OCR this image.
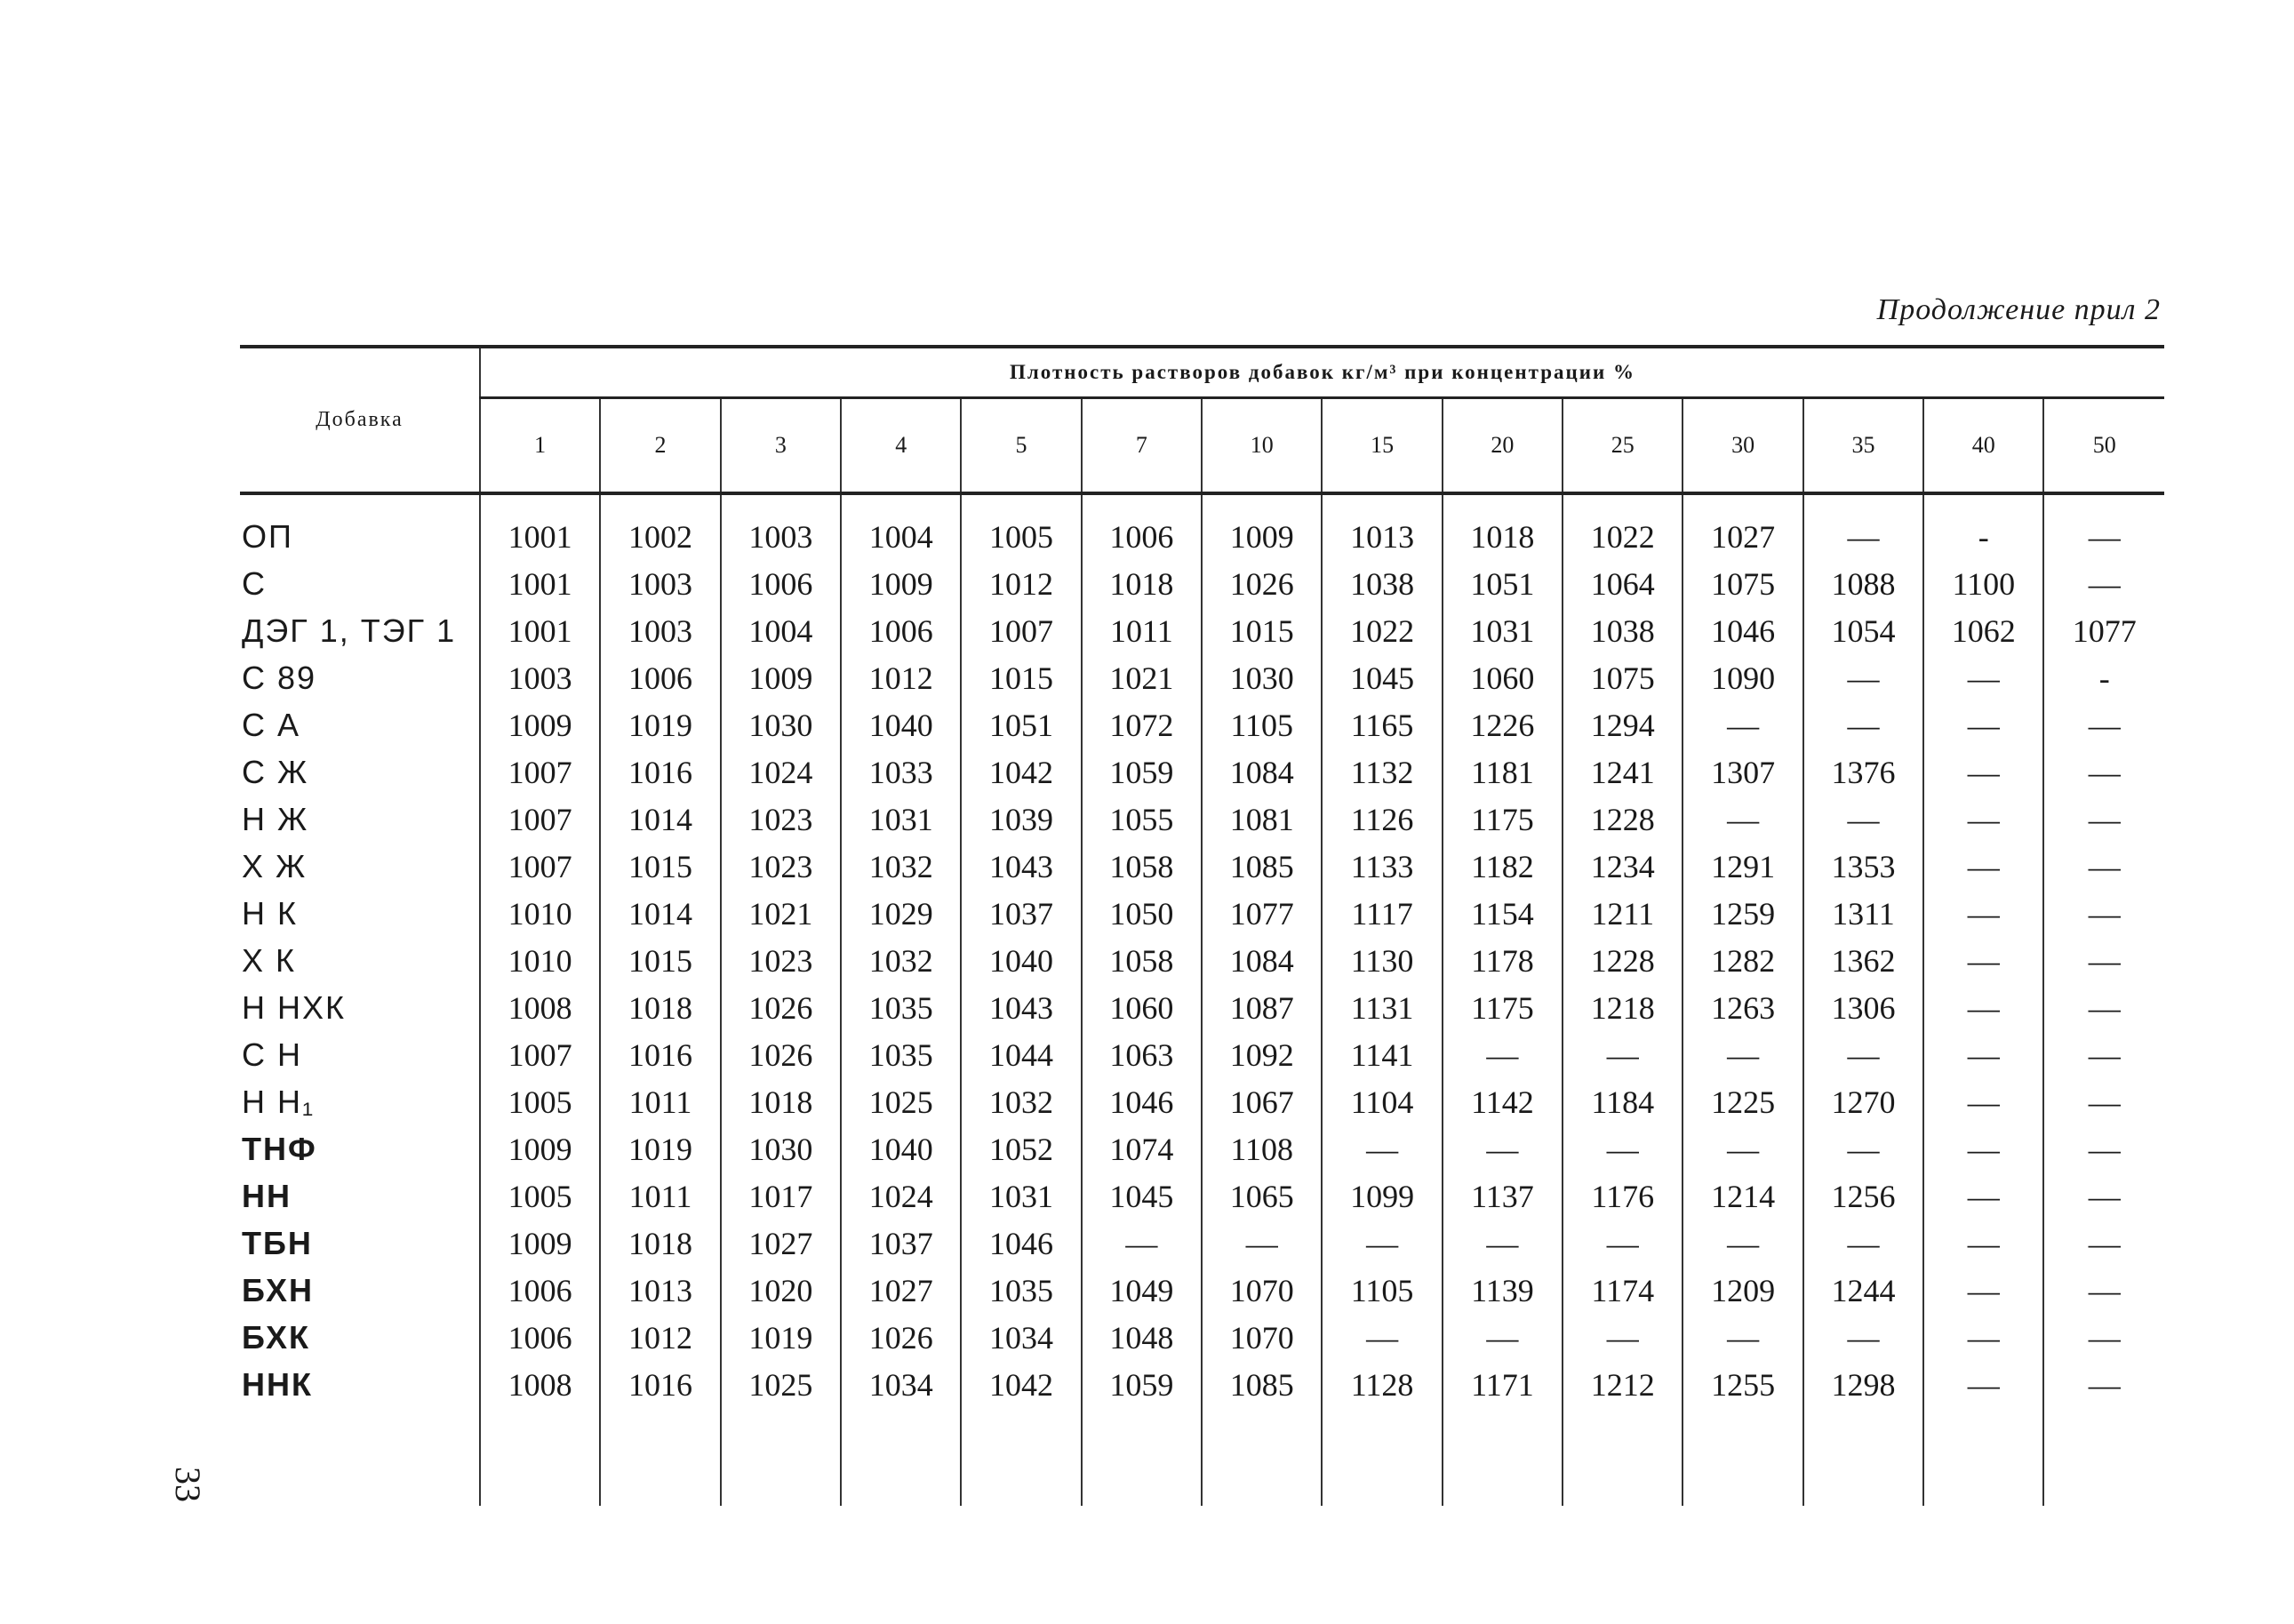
Продолжение прил 2
Добавка	Плотность растворов добавок кг/м³ при концентрации %													
	1	2	3	4	5	7	10	15	20	25	30	35	40	50

ОП	1001	1002	1003	1004	1005	1006	1009	1013	1018	1022	1027	—	-	—
С	1001	1003	1006	1009	1012	1018	1026	1038	1051	1064	1075	1088	1100	—
ДЭГ 1, ТЭГ 1	1001	1003	1004	1006	1007	1011	1015	1022	1031	1038	1046	1054	1062	1077
С 89	1003	1006	1009	1012	1015	1021	1030	1045	1060	1075	1090	—	—	-
С А	1009	1019	1030	1040	1051	1072	1105	1165	1226	1294	—	—	—	—
С Ж	1007	1016	1024	1033	1042	1059	1084	1132	1181	1241	1307	1376	—	—
Н Ж	1007	1014	1023	1031	1039	1055	1081	1126	1175	1228	—	—	—	—
Х Ж	1007	1015	1023	1032	1043	1058	1085	1133	1182	1234	1291	1353	—	—
Н К	1010	1014	1021	1029	1037	1050	1077	1117	1154	1211	1259	1311	—	—
Х К	1010	1015	1023	1032	1040	1058	1084	1130	1178	1228	1282	1362	—	—
Н НХК	1008	1018	1026	1035	1043	1060	1087	1131	1175	1218	1263	1306	—	—
С Н	1007	1016	1026	1035	1044	1063	1092	1141	—	—	—	—	—	—
Н Н₁	1005	1011	1018	1025	1032	1046	1067	1104	1142	1184	1225	1270	—	—
ТНФ	1009	1019	1030	1040	1052	1074	1108	—	—	—	—	—	—	—
НН	1005	1011	1017	1024	1031	1045	1065	1099	1137	1176	1214	1256	—	—
ТБН	1009	1018	1027	1037	1046	—	—	—	—	—	—	—	—	—
БХН	1006	1013	1020	1027	1035	1049	1070	1105	1139	1174	1209	1244	—	—
БХК	1006	1012	1019	1026	1034	1048	1070	—	—	—	—	—	—	—
ННК	1008	1016	1025	1034	1042	1059	1085	1128	1171	1212	1255	1298	—	—

33
